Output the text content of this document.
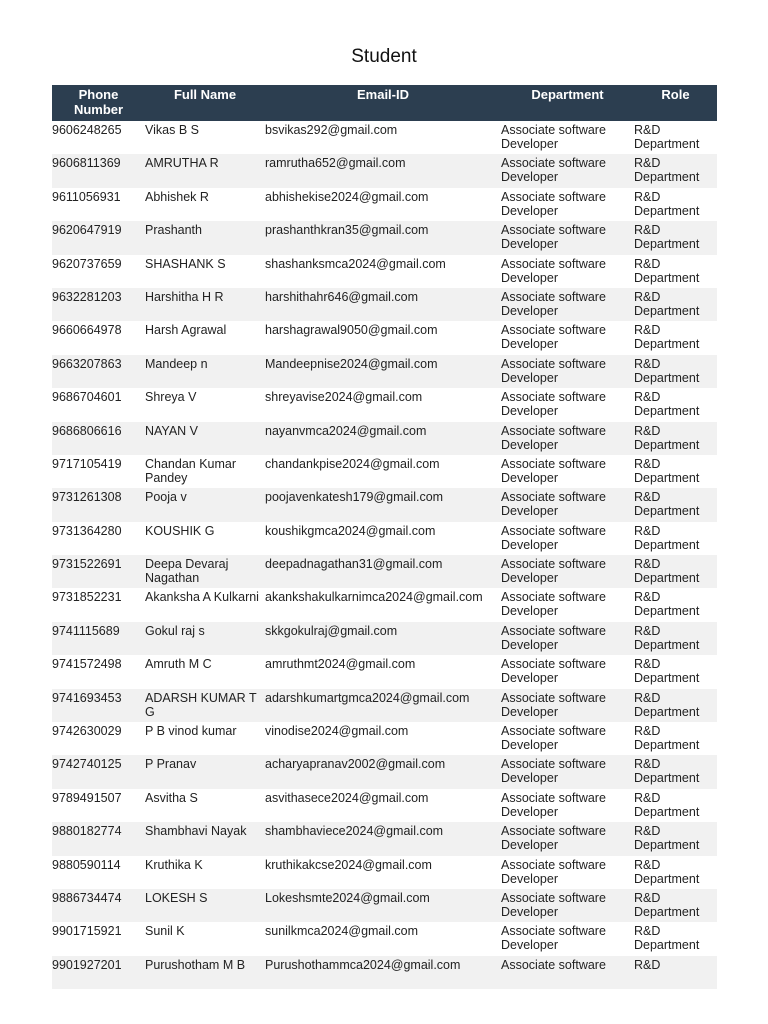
Student
Phone Number	Full Name	Email-ID	Department	Role
9606248265	Vikas B S	bsvikas292@gmail.com	Associate software Developer	R&D Department
9606811369	AMRUTHA R	ramrutha652@gmail.com	Associate software Developer	R&D Department
9611056931	Abhishek R	abhishekise2024@gmail.com	Associate software Developer	R&D Department
9620647919	Prashanth	prashanthkran35@gmail.com	Associate software Developer	R&D Department
9620737659	SHASHANK S	shashanksmca2024@gmail.com	Associate software Developer	R&D Department
9632281203	Harshitha H R	harshithahr646@gmail.com	Associate software Developer	R&D Department
9660664978	Harsh Agrawal	harshagrawal9050@gmail.com	Associate software Developer	R&D Department
9663207863	Mandeep n	Mandeepnise2024@gmail.com	Associate software Developer	R&D Department
9686704601	Shreya V	shreyavise2024@gmail.com	Associate software Developer	R&D Department
9686806616	NAYAN V	nayanvmca2024@gmail.com	Associate software Developer	R&D Department
9717105419	Chandan Kumar Pandey	chandankpise2024@gmail.com	Associate software Developer	R&D Department
9731261308	Pooja v	poojavenkatesh179@gmail.com	Associate software Developer	R&D Department
9731364280	KOUSHIK G	koushikgmca2024@gmail.com	Associate software Developer	R&D Department
9731522691	Deepa Devaraj Nagathan	deepadnagathan31@gmail.com	Associate software Developer	R&D Department
9731852231	Akanksha A Kulkarni	akankshakulkarnimca2024@gmail.com	Associate software Developer	R&D Department
9741115689	Gokul raj s	skkgokulraj@gmail.com	Associate software Developer	R&D Department
9741572498	Amruth M C	amruthmt2024@gmail.com	Associate software Developer	R&D Department
9741693453	ADARSH KUMAR T G	adarshkumartgmca2024@gmail.com	Associate software Developer	R&D Department
9742630029	P B vinod kumar	vinodise2024@gmail.com	Associate software Developer	R&D Department
9742740125	P Pranav	acharyapranav2002@gmail.com	Associate software Developer	R&D Department
9789491507	Asvitha S	asvithasece2024@gmail.com	Associate software Developer	R&D Department
9880182774	Shambhavi Nayak	shambhaviece2024@gmail.com	Associate software Developer	R&D Department
9880590114	Kruthika K	kruthikakcse2024@gmail.com	Associate software Developer	R&D Department
9886734474	LOKESH S	Lokeshsmte2024@gmail.com	Associate software Developer	R&D Department
9901715921	Sunil K	sunilkmca2024@gmail.com	Associate software Developer	R&D Department
9901927201	Purushotham M B	Purushothammca2024@gmail.com	Associate software	R&D
